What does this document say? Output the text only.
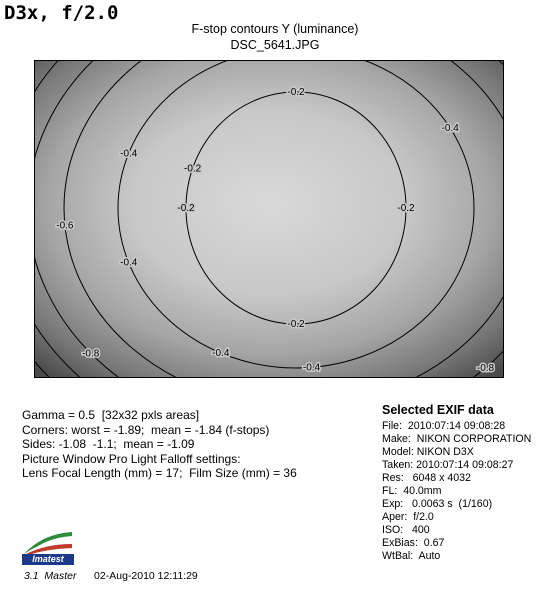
D3x, f/2.0
F-stop contours Y (luminance)
DSC_5641.JPG
-0.2
-0.2	-0.2
-0.2
-0.2
-0.4
-0.4
-0.4
-0.4
-0.4
-0.6
-0.8
-0.8
Gamma = 0.5  [32x32 pxls areas]
Corners: worst = -1.89;  mean = -1.84 (f-stops)
Sides: -1.08  -1.1;  mean = -1.09
Picture Window Pro Light Falloff settings:
Lens Focal Length (mm) = 17;  Film Size (mm) = 36
Selected EXIF data
File:  2010:07:14 09:08:28
Make:  NIKON CORPORATION
Model: NIKON D3X
Taken: 2010:07:14 09:08:27
Res:   6048 x 4032
FL:  40.0mm
Exp:   0.0063 s  (1/160)
Aper:  f/2.0
ISO:   400
ExBias:  0.67
WtBal:  Auto
Imatest
3.1  Master 02-Aug-2010 12:11:29
